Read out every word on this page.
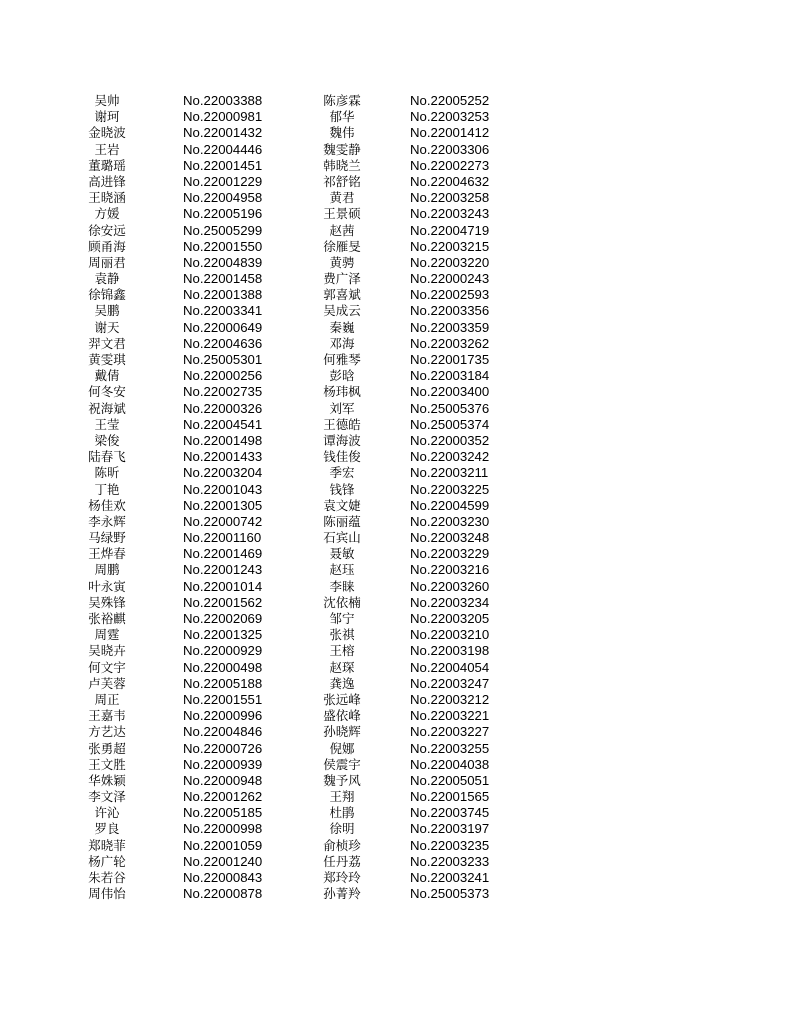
吴帅	No.22003388	陈彦霖	No.22005252
谢珂	No.22000981	郁华	No.22003253
金晓波	No.22001432	魏伟	No.22001412
王岩	No.22004446	魏雯静	No.22003306
董璐瑶	No.22001451	韩晓兰	No.22002273
高进锋	No.22001229	祁舒铭	No.22004632
王晓涵	No.22004958	黄君	No.22003258
方媛	No.22005196	王景硕	No.22003243
徐安远	No.25005299	赵茜	No.22004719
顾甬海	No.22001550	徐雁旻	No.22003215
周丽君	No.22004839	黄骋	No.22003220
袁静	No.22001458	费广泽	No.22000243
徐锦鑫	No.22001388	郭喜斌	No.22002593
吴鹏	No.22003341	吴成云	No.22003356
谢天	No.22000649	秦巍	No.22003359
羿文君	No.22004636	邓海	No.22003262
黄雯琪	No.25005301	何雅琴	No.22001735
戴倩	No.22000256	彭晗	No.22003184
何冬安	No.22002735	杨玮枫	No.22003400
祝海斌	No.22000326	刘军	No.25005376
王莹	No.22004541	王德皓	No.25005374
梁俊	No.22001498	谭海波	No.22000352
陆春飞	No.22001433	钱佳俊	No.22003242
陈昕	No.22003204	季宏	No.22003211
丁艳	No.22001043	钱锋	No.22003225
杨佳欢	No.22001305	袁文婕	No.22004599
李永辉	No.22000742	陈丽蕴	No.22003230
马绿野	No.22001160	石宾山	No.22003248
王烨春	No.22001469	聂敏	No.22003229
周鹏	No.22001243	赵珏	No.22003216
叶永寅	No.22001014	李睐	No.22003260
吴殊锋	No.22001562	沈依楠	No.22003234
张裕麒	No.22002069	邹宁	No.22003205
周霆	No.22001325	张祺	No.22003210
吴晓卉	No.22000929	王榕	No.22003198
何文宇	No.22000498	赵琛	No.22004054
卢芙蓉	No.22005188	龚逸	No.22003247
周正	No.22001551	张远峰	No.22003212
王嘉韦	No.22000996	盛依峰	No.22003221
方艺达	No.22004846	孙晓辉	No.22003227
张勇超	No.22000726	倪娜	No.22003255
王文胜	No.22000939	侯震宇	No.22004038
华姝颖	No.22000948	魏予风	No.22005051
李文泽	No.22001262	王翔	No.22001565
许沁	No.22005185	杜鹃	No.22003745
罗良	No.22000998	徐明	No.22003197
郑晓菲	No.22001059	俞桢珍	No.22003235
杨广轮	No.22001240	任丹荔	No.22003233
朱若谷	No.22000843	郑玲玲	No.22003241
周伟怡	No.22000878	孙菁羚	No.25005373
